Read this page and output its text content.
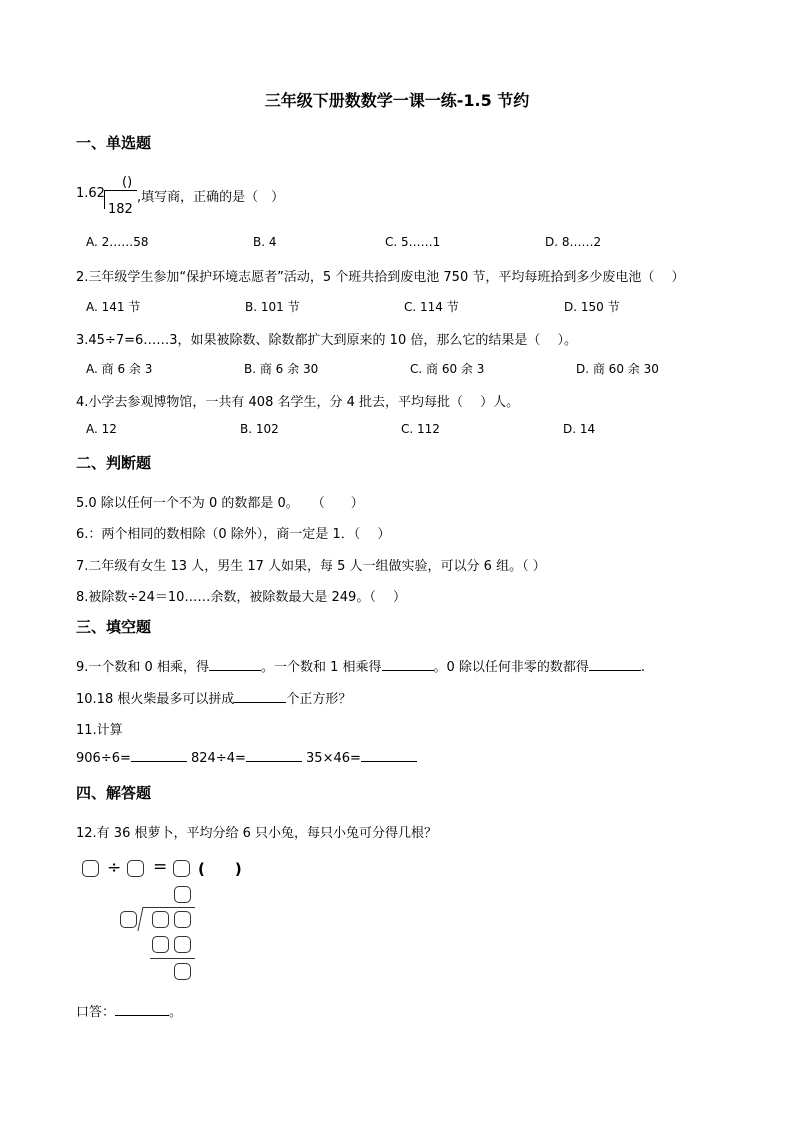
三年级下册数数学一课一练-1.5 节约
一、单选题
1.62
()
182
,填写商，正确的是（　）
A. 2……58	B. 4	C. 5……1	D. 8……2
2.三年级学生参加“保护环境志愿者”活动，5 个班共拾到废电池 750 节，平均每班拾到多少废电池（　 ）
A. 141 节	B. 101 节	C. 114 节	D. 150 节
3.45÷7=6……3，如果被除数、除数都扩大到原来的 10 倍，那么它的结果是（　 ）。
A. 商 6 余 3	B. 商 6 余 30	C. 商 60 余 3	D. 商 60 余 30
4.小学去参观博物馆，一共有 408 名学生，分 4 批去，平均每批（　 ）人。
A. 12	B. 102	C. 112	D. 14
二、判断题
5.0 除以任何一个不为 0 的数都是 0。　　（　　）
6.：两个相同的数相除（0 除外），商一定是 1．（　 ）
7.二年级有女生 13 人，男生 17 人如果，每 5 人一组做实验，可以分 6 组。（ ）
8.被除数÷24＝10……余数，被除数最大是 249。（　 ）
三、填空题
9.一个数和 0 相乘，得	。一个数和 1 相乘得	。0 除以任何非零的数都得	.
10.18 根火柴最多可以拼成	个正方形？
11.计算
906÷6=	824÷4=	35×46=
四、解答题
12.有 36 根萝卜，平均分给 6 只小兔，每只小兔可分得几根？
÷ = (　　)
口答：	。
